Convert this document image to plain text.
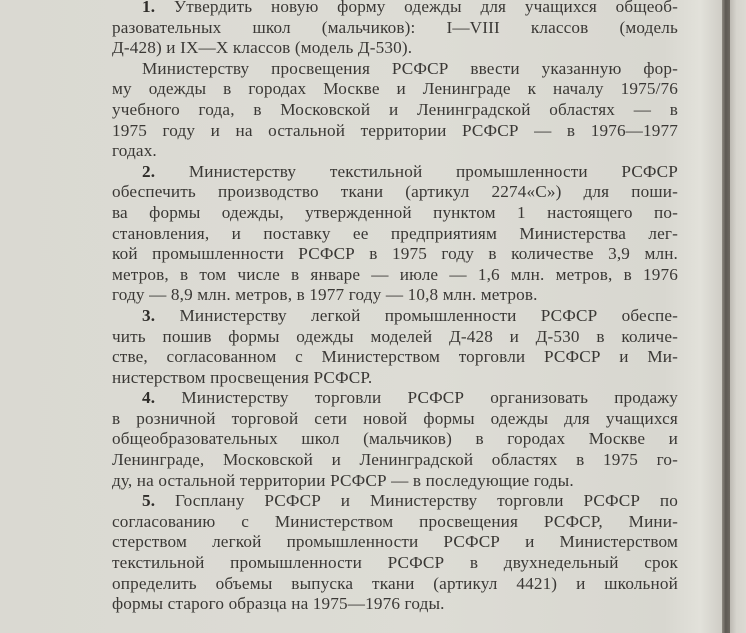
1. Утвердить новую форму одежды для учащихся общеоб-
разовательных школ (мальчиков): I—VIII классов (модель
Д-428) и IX—X классов (модель Д-530).
Министерству просвещения РСФСР ввести указанную фор-
му одежды в городах Москве и Ленинграде к началу 1975/76
учебного года, в Московской и Ленинградской областях — в
1975 году и на остальной территории РСФСР — в 1976—1977
годах.
2. Министерству текстильной промышленности РСФСР
обеспечить производство ткани (артикул 2274«С») для поши-
ва формы одежды, утвержденной пунктом 1 настоящего по-
становления, и поставку ее предприятиям Министерства лег-
кой промышленности РСФСР в 1975 году в количестве 3,9 млн.
метров, в том числе в январе — июле — 1,6 млн. метров, в 1976
году — 8,9 млн. метров, в 1977 году — 10,8 млн. метров.
3. Министерству легкой промышленности РСФСР обеспе-
чить пошив формы одежды моделей Д-428 и Д-530 в количе-
стве, согласованном с Министерством торговли РСФСР и Ми-
нистерством просвещения РСФСР.
4. Министерству торговли РСФСР организовать продажу
в розничной торговой сети новой формы одежды для учащихся
общеобразовательных школ (мальчиков) в городах Москве и
Ленинграде, Московской и Ленинградской областях в 1975 го-
ду, на остальной территории РСФСР — в последующие годы.
5. Госплану РСФСР и Министерству торговли РСФСР по
согласованию с Министерством просвещения РСФСР, Мини-
стерством легкой промышленности РСФСР и Министерством
текстильной промышленности РСФСР в двухнедельный срок
определить объемы выпуска ткани (артикул 4421) и школьной
формы старого образца на 1975—1976 годы.
